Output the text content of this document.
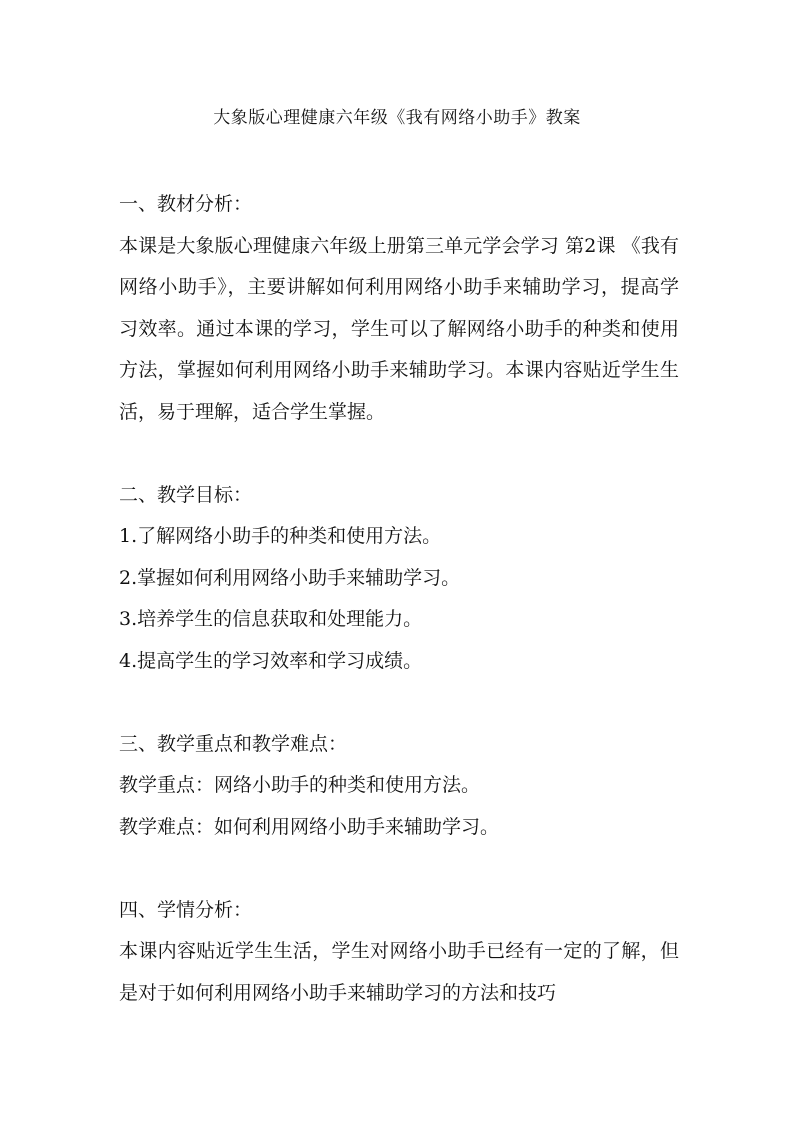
大象版心理健康六年级《我有网络小助手》教案
一、教材分析：

本课是大象版心理健康六年级上册第三单元学会学习 第2课 《我有网络小助手》，主要讲解如何利用网络小助手来辅助学习，提高学习效率。通过本课的学习，学生可以了解网络小助手的种类和使用方法，掌握如何利用网络小助手来辅助学习。本课内容贴近学生生活，易于理解，适合学生掌握。

二、教学目标：
1.了解网络小助手的种类和使用方法。
2.掌握如何利用网络小助手来辅助学习。
3.培养学生的信息获取和处理能力。
4.提高学生的学习效率和学习成绩。
三、教学重点和教学难点：
教学重点：网络小助手的种类和使用方法。
教学难点：如何利用网络小助手来辅助学习。
四、学情分析：

本课内容贴近学生生活，学生对网络小助手已经有一定的了解，但是对于如何利用网络小助手来辅助学习的方法和技巧
